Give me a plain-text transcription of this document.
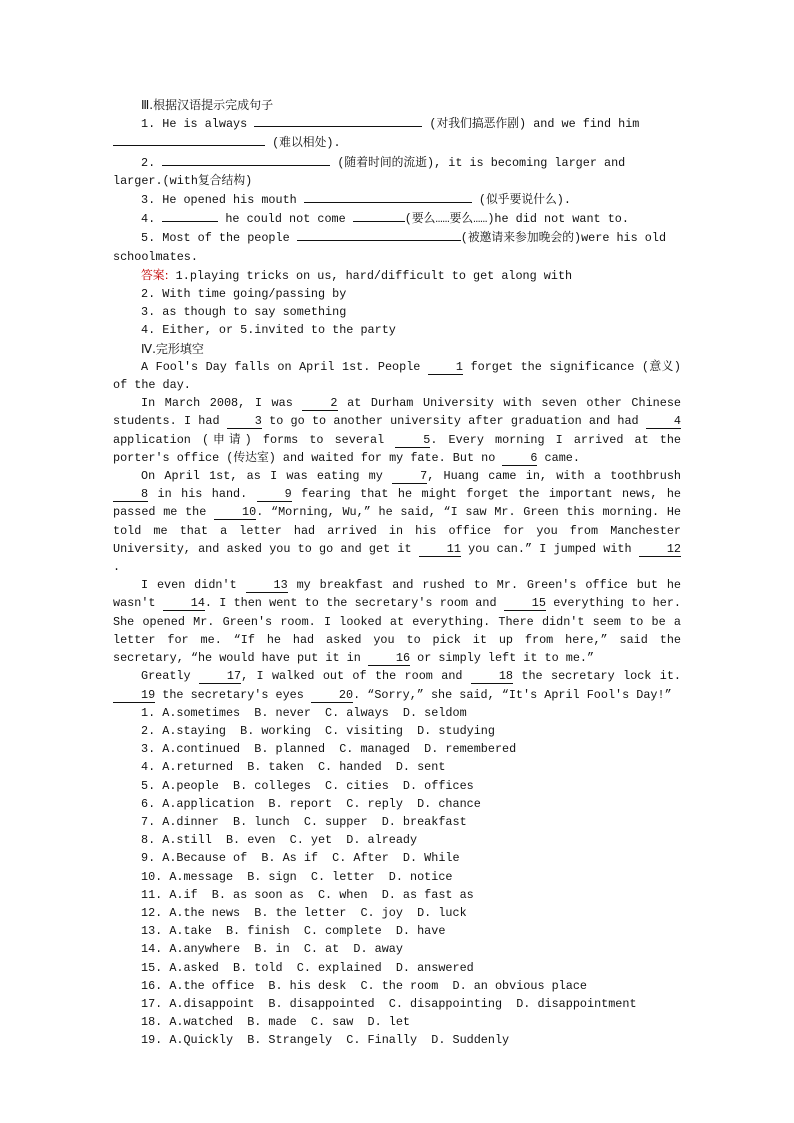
Ⅲ.根据汉语提示完成句子

1. He is always	(对我们搞恶作剧) and we find him

(难以相处).

2.	(随着时间的流逝), it is becoming larger and

larger.(with复合结构)

3. He opened his mouth	(似乎要说什么).

4.	he could not come	(要么……要么……)he did not want to.

5. Most of the people	(被邀请来参加晚会的)were his old

schoolmates.

答案: 1.playing tricks on us, hard/difficult to get along with

2. With time going/passing by

3. as though to say something

4. Either, or 5.invited to the party

Ⅳ.完形填空

A Fool's Day falls on April 1st. People 1 forget the significance (意义) of the day.

In March 2008, I was 2 at Durham University with seven other Chinese students. I had 3 to go to another university after graduation and had 4 application (申请) forms to several 5. Every morning I arrived at the porter's office (传达室) and waited for my fate. But no 6 came.

On April 1st, as I was eating my 7, Huang came in, with a toothbrush 8 in his hand. 9 fearing that he might forget the important news, he passed me the 10. “Morning, Wu,” he said, “I saw Mr. Green this morning. He told me that a letter had arrived in his office for you from Manchester University, and asked you to go and get it 11 you can.” I jumped with 12.

I even didn't 13 my breakfast and rushed to Mr. Green's office but he wasn't 14. I then went to the secretary's room and 15 everything to her. She opened Mr. Green's room. I looked at everything. There didn't seem to be a letter for me. “If he had asked you to pick it up from here,” said the secretary, “he would have put it in 16 or simply left it to me.”

Greatly 17, I walked out of the room and 18 the secretary lock it. 19 the secretary's eyes 20. “Sorry,” she said, “It's April Fool's Day!”

1. A.sometimes  B. never  C. always  D. seldom

2. A.staying  B. working  C. visiting  D. studying

3. A.continued  B. planned  C. managed  D. remembered

4. A.returned  B. taken  C. handed  D. sent

5. A.people  B. colleges  C. cities  D. offices

6. A.application  B. report  C. reply  D. chance

7. A.dinner  B. lunch  C. supper  D. breakfast

8. A.still  B. even  C. yet  D. already

9. A.Because of  B. As if  C. After  D. While

10. A.message  B. sign  C. letter  D. notice

11. A.if  B. as soon as  C. when  D. as fast as

12. A.the news  B. the letter  C. joy  D. luck

13. A.take  B. finish  C. complete  D. have

14. A.anywhere  B. in  C. at  D. away

15. A.asked  B. told  C. explained  D. answered

16. A.the office  B. his desk  C. the room  D. an obvious place

17. A.disappoint  B. disappointed  C. disappointing  D. disappointment

18. A.watched  B. made  C. saw  D. let

19. A.Quickly  B. Strangely  C. Finally  D. Suddenly
